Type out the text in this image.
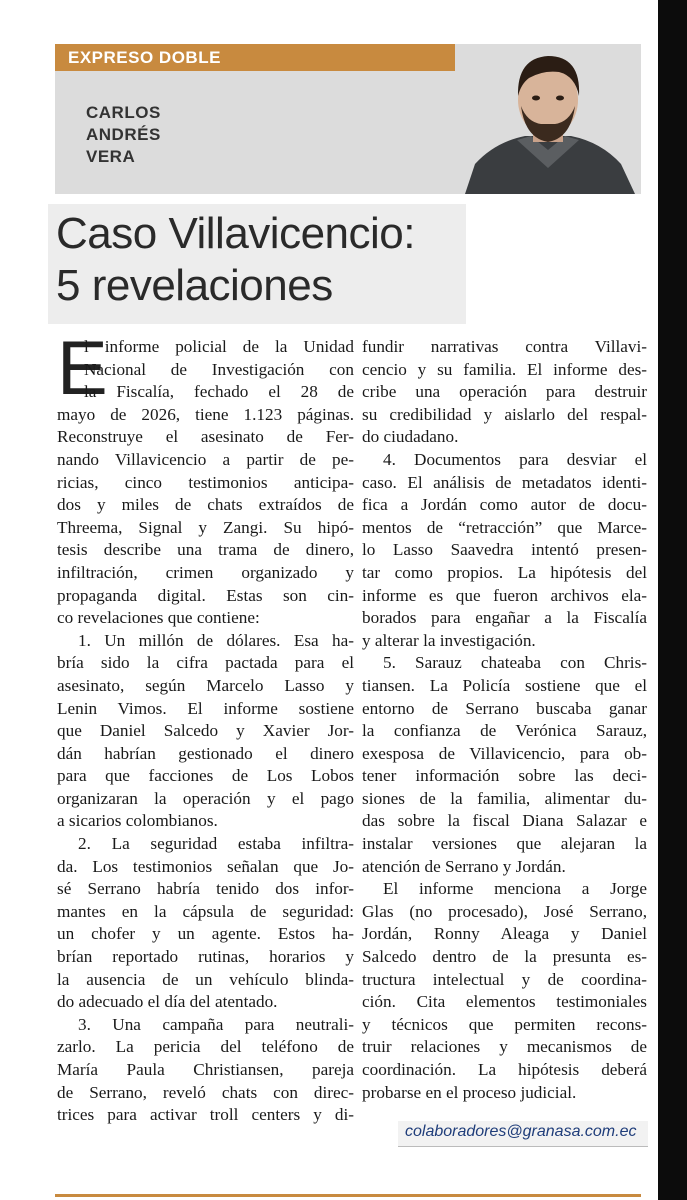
EXPRESO DOBLE
CARLOS
ANDRÉS
VERA
Caso Villavicencio:
5 revelaciones
E
l informe policial de la Unidad
Nacional de Investigación con
la Fiscalía, fechado el 28 de
mayo de 2026, tiene 1.123 páginas.
Reconstruye el asesinato de Fer-
nando Villavicencio a partir de pe-
ricias, cinco testimonios anticipa-
dos y miles de chats extraídos de
Threema, Signal y Zangi. Su hipó-
tesis describe una trama de dinero,
infiltración, crimen organizado y
propaganda digital. Estas son cin-
co revelaciones que contiene:
1. Un millón de dólares. Esa ha-
bría sido la cifra pactada para el
asesinato, según Marcelo Lasso y
Lenin Vimos. El informe sostiene
que Daniel Salcedo y Xavier Jor-
dán habrían gestionado el dinero
para que facciones de Los Lobos
organizaran la operación y el pago
a sicarios colombianos.
2. La seguridad estaba infiltra-
da. Los testimonios señalan que Jo-
sé Serrano habría tenido dos infor-
mantes en la cápsula de seguridad:
un chofer y un agente. Estos ha-
brían reportado rutinas, horarios y
la ausencia de un vehículo blinda-
do adecuado el día del atentado.
3. Una campaña para neutrali-
zarlo. La pericia del teléfono de
María Paula Christiansen, pareja
de Serrano, reveló chats con direc-
trices para activar troll centers y di-
fundir narrativas contra Villavi-
cencio y su familia. El informe des-
cribe una operación para destruir
su credibilidad y aislarlo del respal-
do ciudadano.
4. Documentos para desviar el
caso. El análisis de metadatos identi-
fica a Jordán como autor de docu-
mentos de “retracción” que Marce-
lo Lasso Saavedra intentó presen-
tar como propios. La hipótesis del
informe es que fueron archivos ela-
borados para engañar a la Fiscalía
y alterar la investigación.
5. Sarauz chateaba con Chris-
tiansen. La Policía sostiene que el
entorno de Serrano buscaba ganar
la confianza de Verónica Sarauz,
exesposa de Villavicencio, para ob-
tener información sobre las deci-
siones de la familia, alimentar du-
das sobre la fiscal Diana Salazar e
instalar versiones que alejaran la
atención de Serrano y Jordán.
El informe menciona a Jorge
Glas (no procesado), José Serrano,
Jordán, Ronny Aleaga y Daniel
Salcedo dentro de la presunta es-
tructura intelectual y de coordina-
ción. Cita elementos testimoniales
y técnicos que permiten recons-
truir relaciones y mecanismos de
coordinación. La hipótesis deberá
probarse en el proceso judicial.
colaboradores@granasa.com.ec
